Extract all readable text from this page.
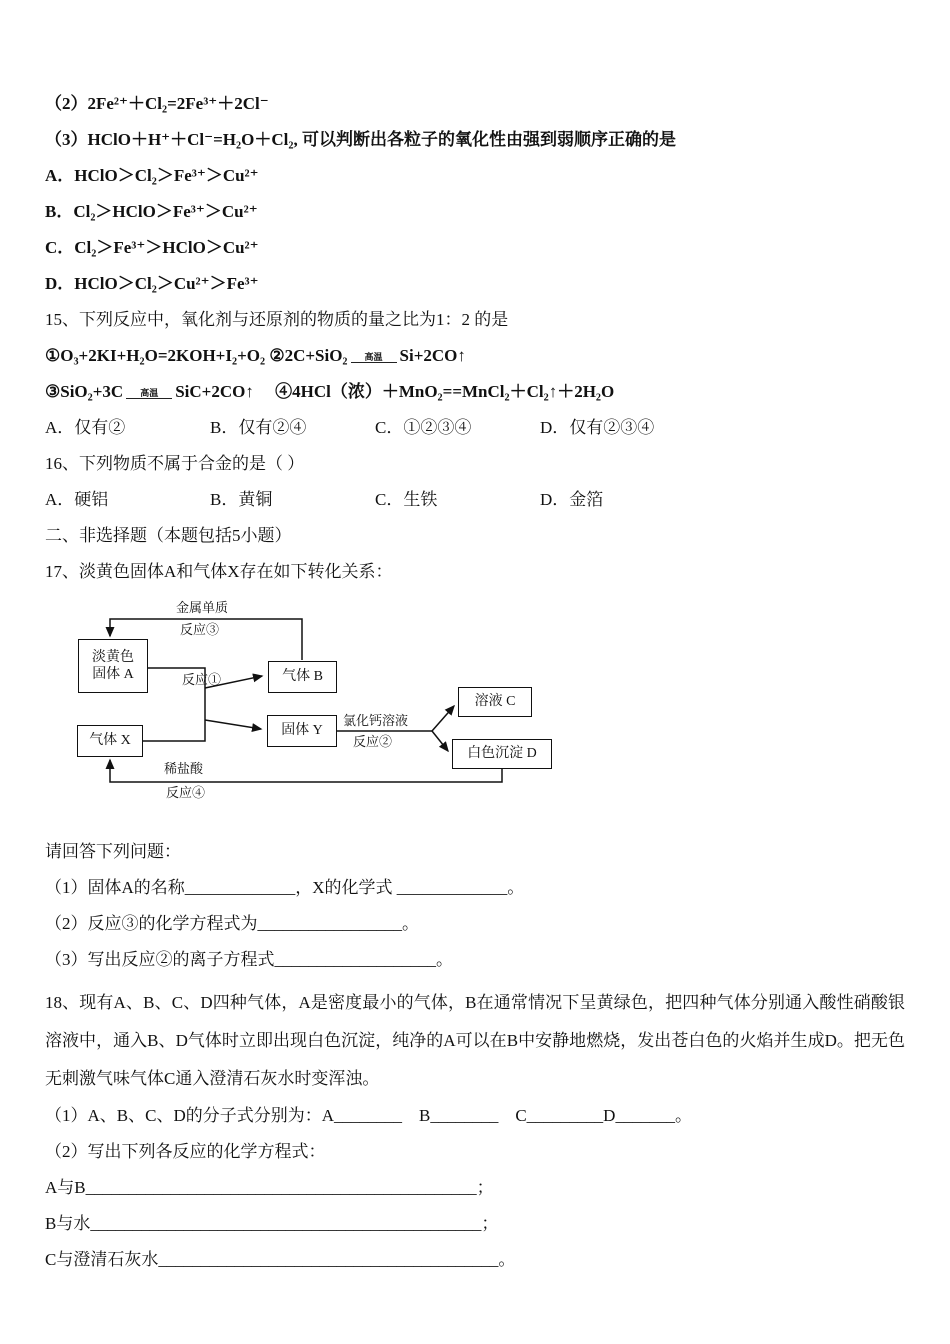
（2）2Fe²⁺＋Cl₂=2Fe³⁺＋2Cl⁻
（3）HClO＋H⁺＋Cl⁻=H₂O＋Cl₂, 可以判断出各粒子的氧化性由强到弱顺序正确的是
A．HClO＞Cl₂＞Fe³⁺＞Cu²⁺
B．Cl₂＞HClO＞Fe³⁺＞Cu²⁺
C．Cl₂＞Fe³⁺＞HClO＞Cu²⁺
D．HClO＞Cl₂＞Cu²⁺＞Fe³⁺
15、下列反应中，氧化剂与还原剂的物质的量之比为1：2 的是
①O₃+2KI+H₂O=2KOH+I₂+O₂ ②2C+SiO₂	高温	Si+2CO↑
③SiO₂+3C	高温	SiC+2CO↑　 ④4HCl（浓）＋MnO₂==MnCl₂＋Cl₂↑＋2H₂O
A．仅有②	B．仅有②④	C．①②③④	D．仅有②③④
16、下列物质不属于合金的是（ ）
A．硬铝	B．黄铜	C．生铁	D．金箔
二、非选择题（本题包括5小题）
17、淡黄色固体A和气体X存在如下转化关系：
淡黄色
固体 A
气体 X
气体 B
固体 Y
溶液 C
白色沉淀 D
金属单质
反应③
反应①
氯化钙溶液
反应②
稀盐酸
反应④
请回答下列问题：
（1）固体A的名称_____________，X的化学式 _____________。
（2）反应③的化学方程式为_________________。
（3）写出反应②的离子方程式___________________。
18、现有A、B、C、D四种气体，A是密度最小的气体，B在通常情况下呈黄绿色，把四种气体分别通入酸性硝酸银溶液中，通入B、D气体时立即出现白色沉淀，纯净的A可以在B中安静地燃烧，发出苍白色的火焰并生成D。把无色无刺激气味气体C通入澄清石灰水时变浑浊。
（1）A、B、C、D的分子式分别为：A________　B________　C_________D_______。
（2）写出下列各反应的化学方程式：
A与B______________________________________________；
B与水______________________________________________；
C与澄清石灰水________________________________________。
